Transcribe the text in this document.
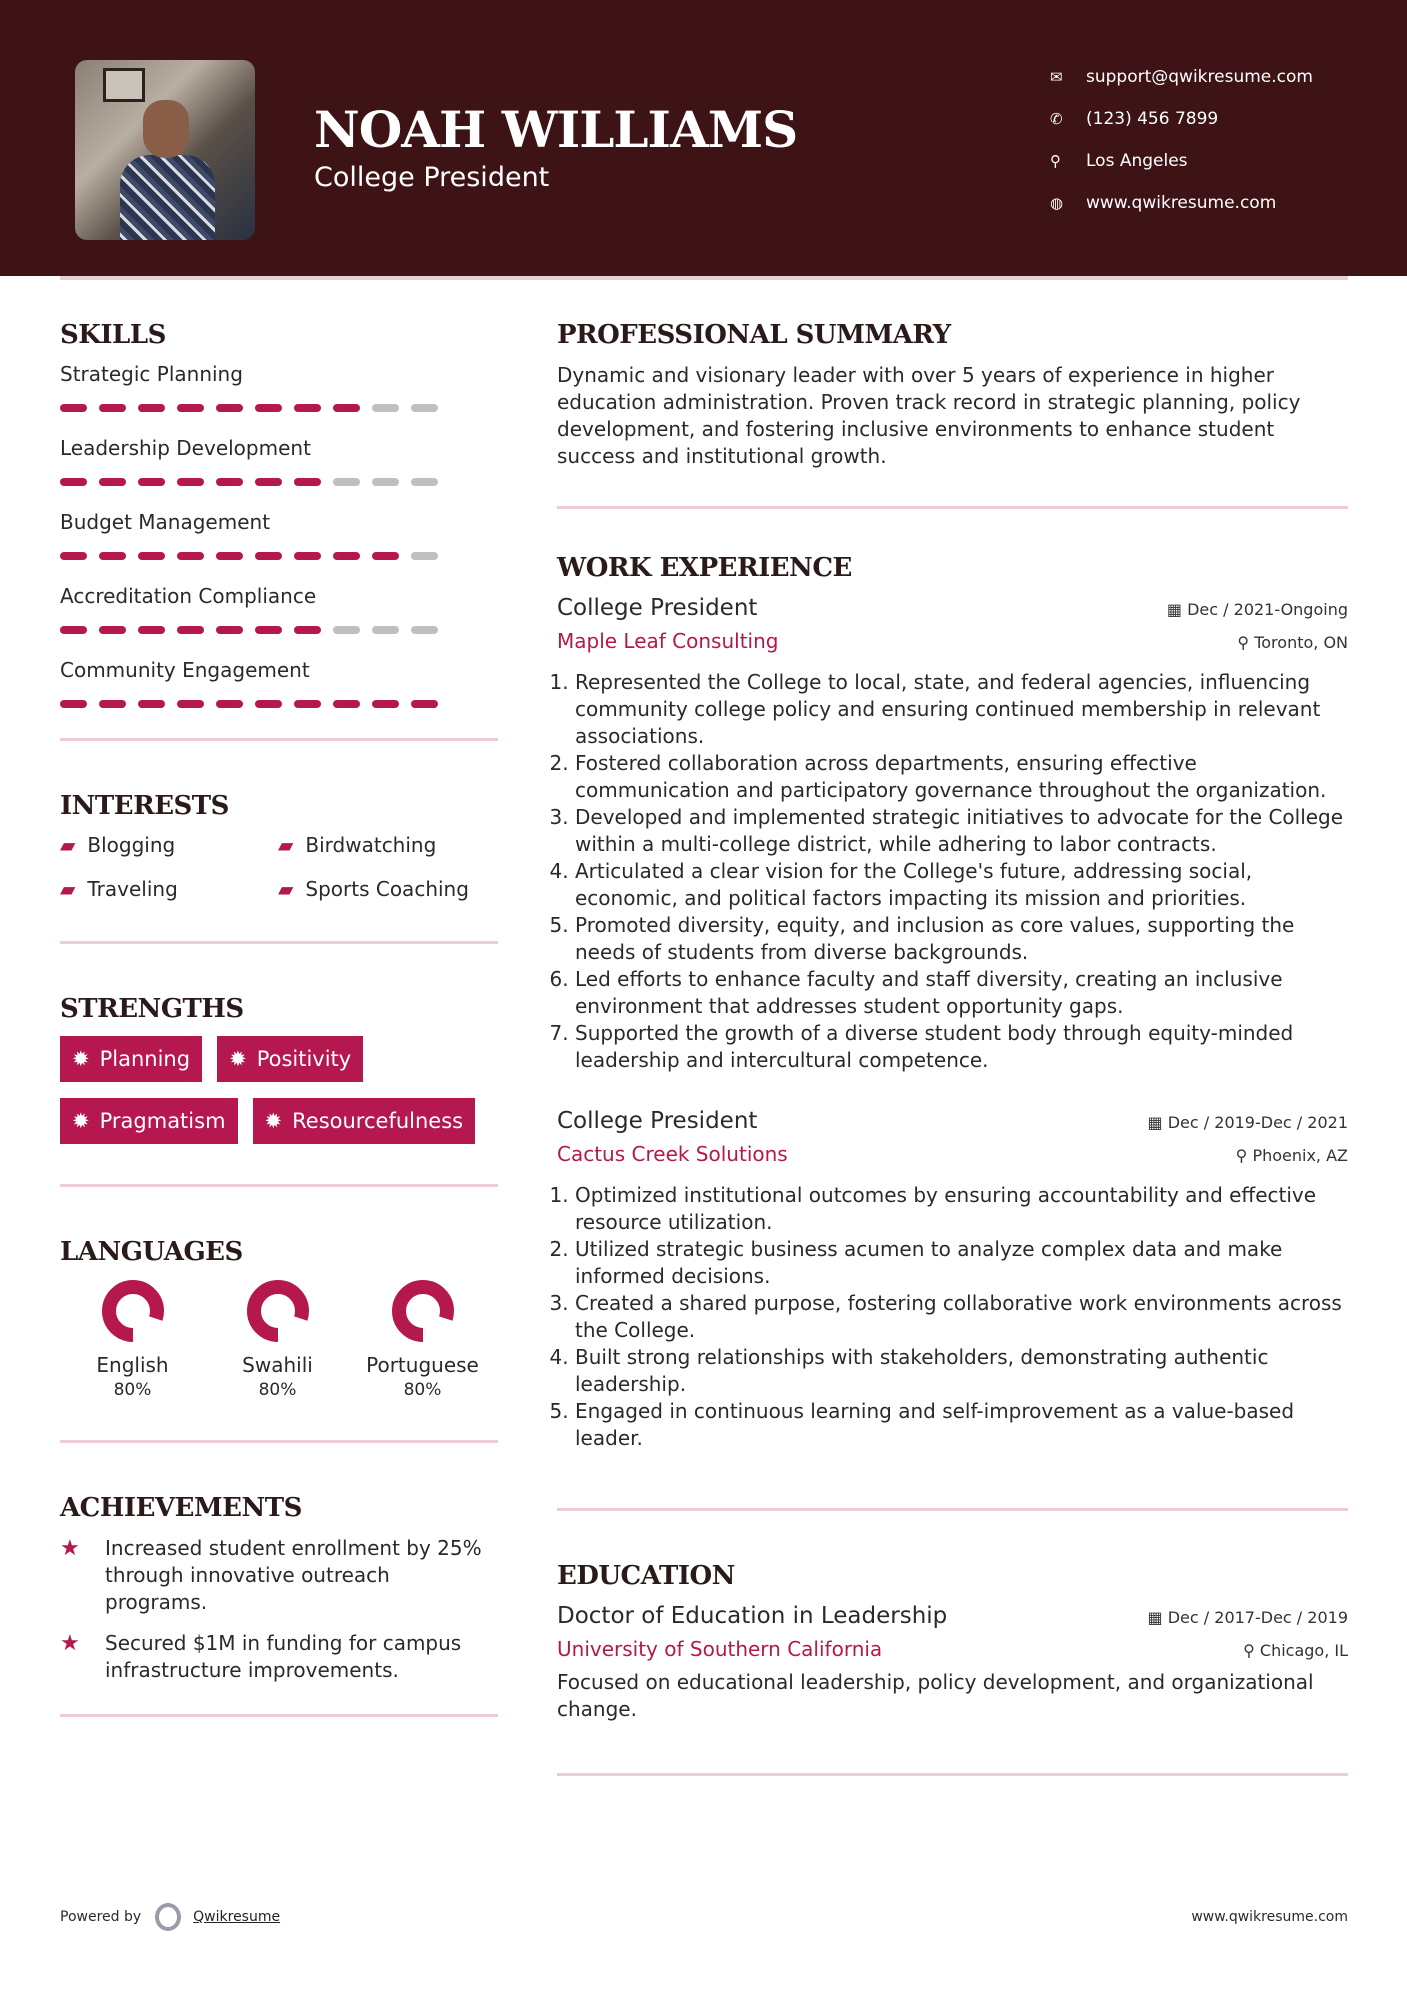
NOAH WILLIAMS
College President
✉	support@qwikresume.com
✆	(123) 456 7899
⚲	Los Angeles
◍	www.qwikresume.com
SKILLS
Strategic Planning
Leadership Development
Budget Management
Accreditation Compliance
Community Engagement
INTERESTS
▰ Blogging	▰ Birdwatching
▰ Traveling	▰ Sports Coaching
STRENGTHS
✹ Planning ✹ Positivity
✹ Pragmatism ✹ Resourcefulness
LANGUAGES
English
80%
Swahili
80%
Portuguese
80%
ACHIEVEMENTS
★	Increased student enrollment by 25% through innovative outreach programs.
★	Secured $1M in funding for campus infrastructure improvements.
PROFESSIONAL SUMMARY

Dynamic and visionary leader with over 5 years of experience in higher education administration. Proven track record in strategic planning, policy development, and fostering inclusive environments to enhance student success and institutional growth.

WORK EXPERIENCE
College President	▦ Dec / 2021-Ongoing
Maple Leaf Consulting	⚲ Toronto, ON
1. Represented the College to local, state, and federal agencies, influencing community college policy and ensuring continued membership in relevant associations.
2. Fostered collaboration across departments, ensuring effective communication and participatory governance throughout the organization.
3. Developed and implemented strategic initiatives to advocate for the College within a multi-college district, while adhering to labor contracts.
4. Articulated a clear vision for the College's future, addressing social, economic, and political factors impacting its mission and priorities.
5. Promoted diversity, equity, and inclusion as core values, supporting the needs of students from diverse backgrounds.
6. Led efforts to enhance faculty and staff diversity, creating an inclusive environment that addresses student opportunity gaps.
7. Supported the growth of a diverse student body through equity-minded leadership and intercultural competence.
College President	▦ Dec / 2019-Dec / 2021
Cactus Creek Solutions	⚲ Phoenix, AZ
1. Optimized institutional outcomes by ensuring accountability and effective resource utilization.
2. Utilized strategic business acumen to analyze complex data and make informed decisions.
3. Created a shared purpose, fostering collaborative work environments across the College.
4. Built strong relationships with stakeholders, demonstrating authentic leadership.
5. Engaged in continuous learning and self-improvement as a value-based leader.
EDUCATION
Doctor of Education in Leadership	▦ Dec / 2017-Dec / 2019
University of Southern California	⚲ Chicago, IL

Focused on educational leadership, policy development, and organizational change.

Powered by	Qwikresume	www.qwikresume.com
